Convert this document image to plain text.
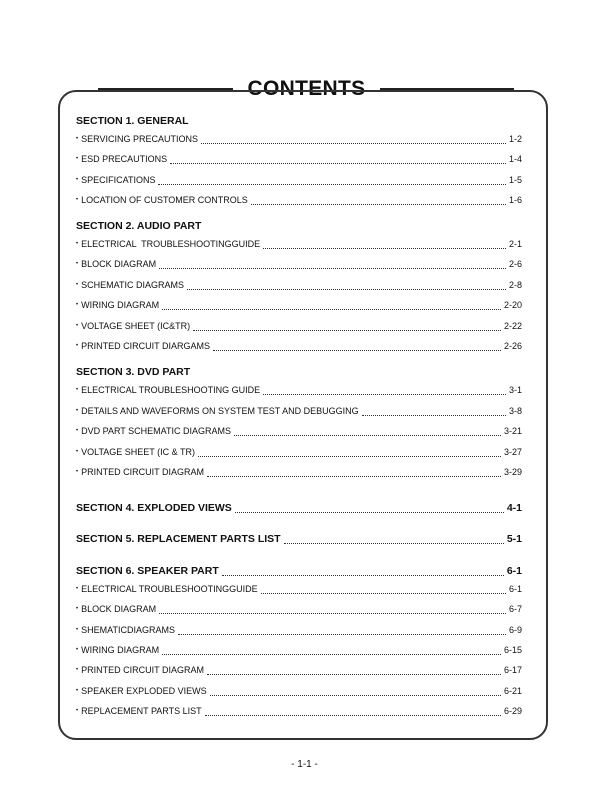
CONTENTS
SECTION 1. GENERAL
• SERVICING PRECAUTIONS	1-2
• ESD PRECAUTIONS	1-4
• SPECIFICATIONS	1-5
• LOCATION OF CUSTOMER CONTROLS	1-6
SECTION 2. AUDIO PART
• ELECTRICAL  TROUBLESHOOTINGGUIDE	2-1
• BLOCK DIAGRAM	2-6
• SCHEMATIC DIAGRAMS	2-8
• WIRING DIAGRAM	2-20
• VOLTAGE SHEET (IC&TR)	2-22
• PRINTED CIRCUIT DIARGAMS	2-26
SECTION 3. DVD PART
• ELECTRICAL TROUBLESHOOTING GUIDE	3-1
• DETAILS AND WAVEFORMS ON SYSTEM TEST AND DEBUGGING	3-8
• DVD PART SCHEMATIC DIAGRAMS	3-21
• VOLTAGE SHEET (IC & TR)	3-27
• PRINTED CIRCUIT DIAGRAM	3-29
SECTION 4. EXPLODED VIEWS	4-1
SECTION 5. REPLACEMENT PARTS LIST	5-1
SECTION 6. SPEAKER PART	6-1
• ELECTRICAL TROUBLESHOOTINGGUIDE	6-1
• BLOCK DIAGRAM	6-7
• SHEMATICDIAGRAMS	6-9
• WIRING DIAGRAM	6-15
• PRINTED CIRCUIT DIAGRAM	6-17
• SPEAKER EXPLODED VIEWS	6-21
• REPLACEMENT PARTS LIST	6-29
- 1-1 -
